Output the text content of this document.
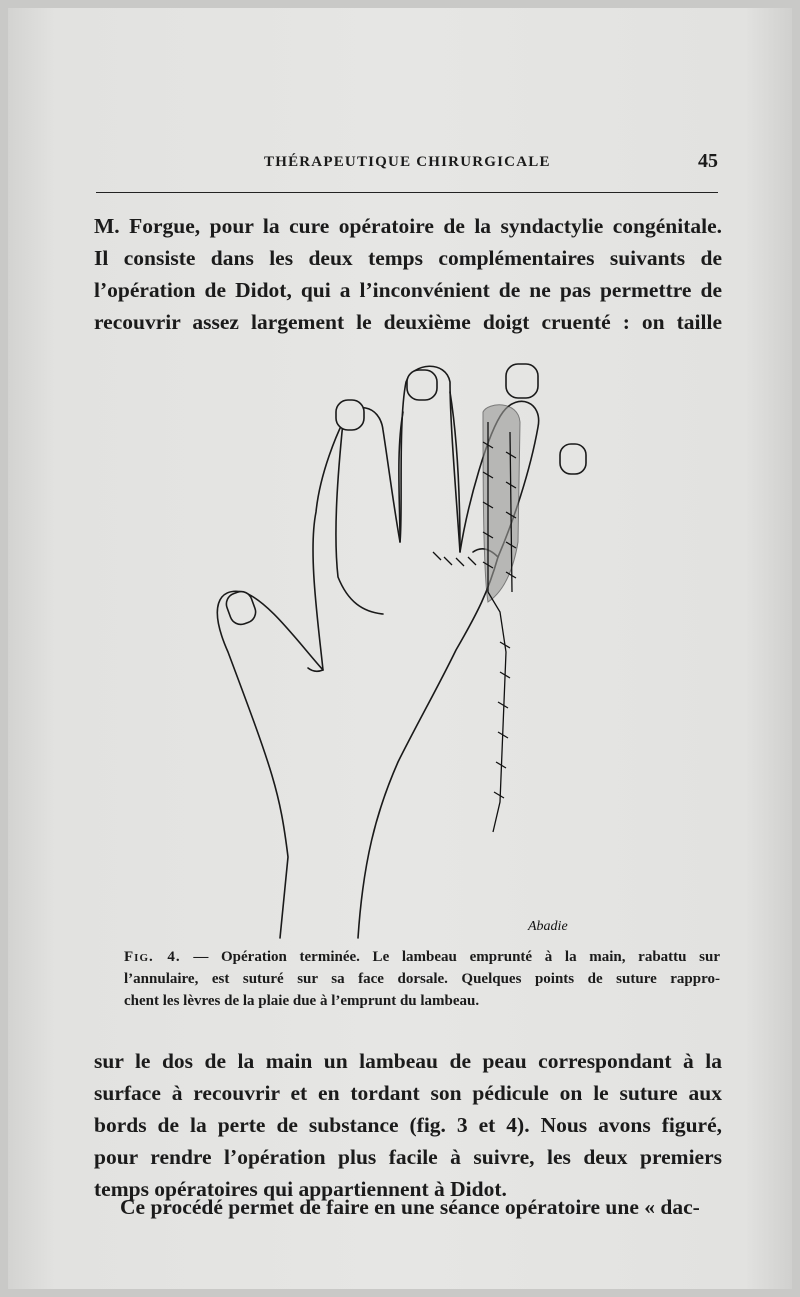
THÉRAPEUTIQUE CHIRURGICALE	45

M. Forgue, pour la cure opératoire de la syndactylie congénitale.
Il consiste dans les deux temps complémentaires suivants de
l’opération de Didot, qui a l’inconvénient de ne pas permettre de
recouvrir assez largement le deuxième doigt cruenté : on taille

Abadie
Fig. 4. — Opération terminée. Le lambeau emprunté à la main, rabattu sur
l’annulaire, est suturé sur sa face dorsale. Quelques points de suture rappro-
chent les lèvres de la plaie due à l’emprunt du lambeau.

sur le dos de la main un lambeau de peau correspondant à la
surface à recouvrir et en tordant son pédicule on le suture aux
bords de la perte de substance (fig. 3 et 4). Nous avons figuré,
pour rendre l’opération plus facile à suivre, les deux premiers
temps opératoires qui appartiennent à Didot.

Ce procédé permet de faire en une séance opératoire une « dac-
